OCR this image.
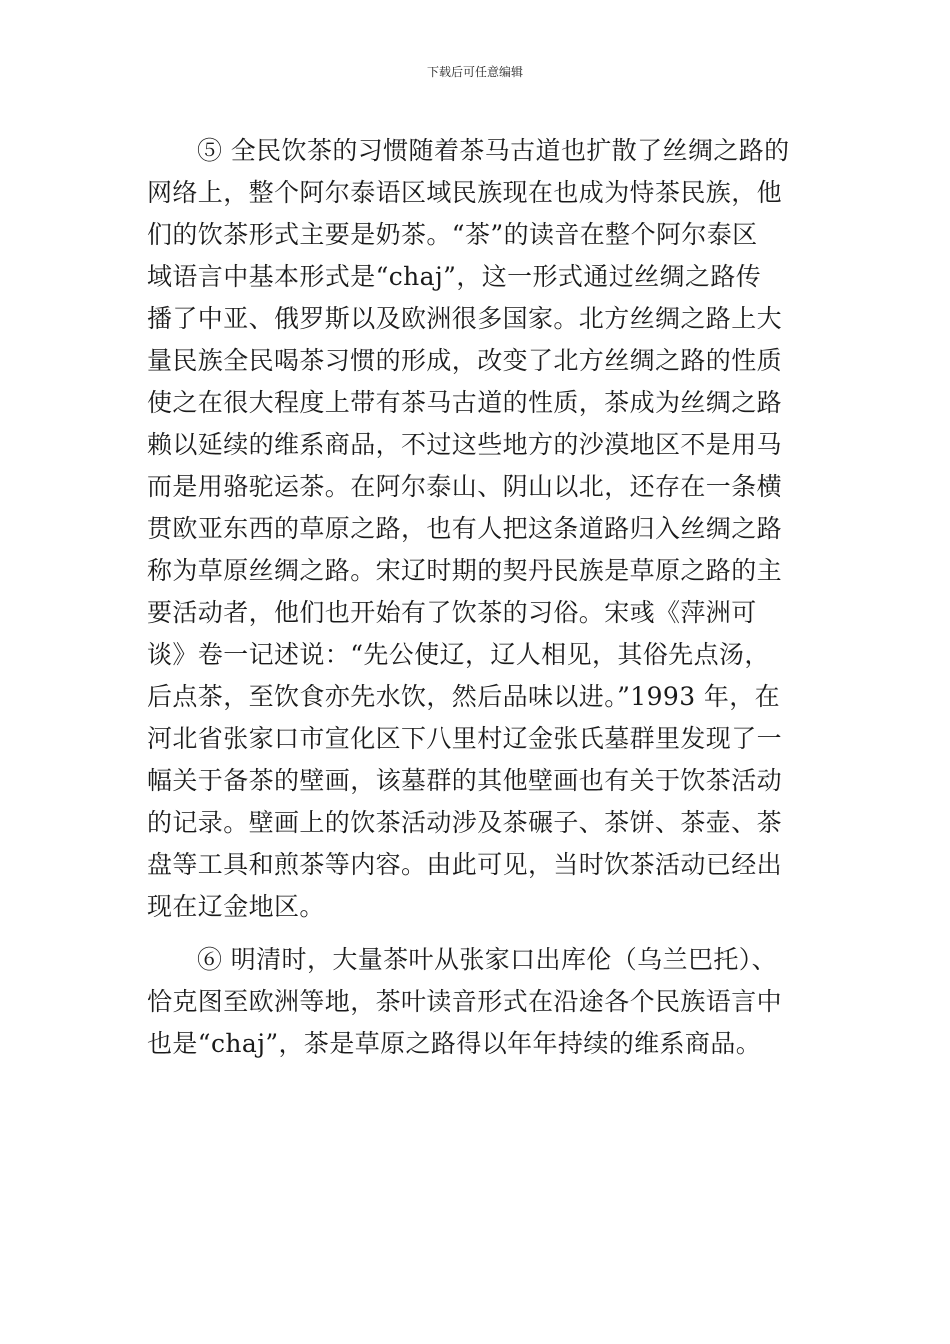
下载后可任意编辑
⑤ 全民饮茶的习惯随着茶马古道也扩散了丝绸之路的
网络上，整个阿尔泰语区域民族现在也成为恃茶民族，他
们的饮茶形式主要是奶茶。“茶”的读音在整个阿尔泰区
域语言中基本形式是“chaj”，这一形式通过丝绸之路传
播了中亚、俄罗斯以及欧洲很多国家。北方丝绸之路上大
量民族全民喝茶习惯的形成，改变了北方丝绸之路的性质
使之在很大程度上带有茶马古道的性质，茶成为丝绸之路
赖以延续的维系商品，不过这些地方的沙漠地区不是用马
而是用骆驼运茶。在阿尔泰山、阴山以北，还存在一条横
贯欧亚东西的草原之路，也有人把这条道路归入丝绸之路
称为草原丝绸之路。宋辽时期的契丹民族是草原之路的主
要活动者，他们也开始有了饮茶的习俗。宋彧《萍洲可
谈》卷一记述说：“先公使辽，辽人相见，其俗先点汤，
后点茶，至饮食亦先水饮，然后品味以进。”1993 年，在
河北省张家口市宣化区下八里村辽金张氏墓群里发现了一
幅关于备茶的壁画，该墓群的其他壁画也有关于饮茶活动
的记录。壁画上的饮茶活动涉及茶碾子、茶饼、茶壶、茶
盘等工具和煎茶等内容。由此可见，当时饮茶活动已经出
现在辽金地区。
⑥ 明清时，大量茶叶从张家口出库伦（乌兰巴托）、
恰克图至欧洲等地，茶叶读音形式在沿途各个民族语言中
也是“chaj”，茶是草原之路得以年年持续的维系商品。
